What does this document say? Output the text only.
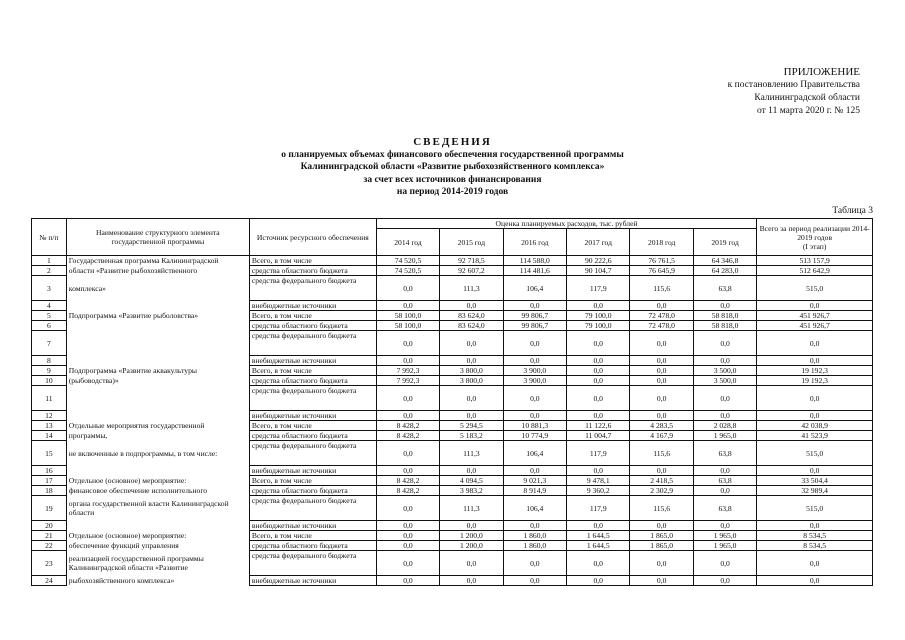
ПРИЛОЖЕНИЕ
к постановлению Правительства
Калининградской области
от 11 марта 2020 г. № 125
СВЕДЕНИЯ
о планируемых объемах финансового обеспечения государственной программы
Калининградской области «Развитие рыбохозяйственного комплекса»
за счет всех источников финансирования
на период 2014-2019 годов
Таблица 3
№ п/п	Наименование структурного элемента государственной программы	Источник ресурсного обеспечения	Оценка планируемых расходов, тыс. рублей						Всего за период реализации 2014-2019 годов
(I этап)

			2014 год	2015 год	2016 год	2017 год	2018 год	2019 год	
1	Государственная программа Калининградской	Всего, в том числе	74 520,5	92 718,5	114 588,0	90 222,6	76 761,5	64 346,8	513 157,9
2	области «Развитие рыбохозяйственного	средства областного бюджета	74 520,5	92 607,2	114 481,6	90 104,7	76 645,9	64 283,0	512 642,9
3	комплекса»	средства федерального бюджета	0,0	111,3	106,4	117,9	115,6	63,8	515,0
4		внебюджетные источники	0,0	0,0	0,0	0,0	0,0	0,0	0,0
5	Подпрограмма «Развитие рыболовства»	Всего, в том числе	58 100,0	83 624,0	99 806,7	79 100,0	72 478,0	58 818,0	451 926,7
6		средства областного бюджета	58 100,0	83 624,0	99 806,7	79 100,0	72 478,0	58 818,0	451 926,7
7		средства федерального бюджета	0,0	0,0	0,0	0,0	0,0	0,0	0,0
8		внебюджетные источники	0,0	0,0	0,0	0,0	0,0	0,0	0,0
9	Подпрограмма «Развитие аквакультуры	Всего, в том числе	7 992,3	3 800,0	3 900,0	0,0	0,0	3 500,0	19 192,3
10	(рыбоводства)»	средства областного бюджета	7 992,3	3 800,0	3 900,0	0,0	0,0	3 500,0	19 192,3
11		средства федерального бюджета	0,0	0,0	0,0	0,0	0,0	0,0	0,0
12		внебюджетные источники	0,0	0,0	0,0	0,0	0,0	0,0	0,0
13	Отдельные мероприятия государственной	Всего, в том числе	8 428,2	5 294,5	10 881,3	11 122,6	4 283,5	2 028,8	42 038,9
14	программы,	средства областного бюджета	8 428,2	5 183,2	10 774,9	11 004,7	4 167,9	1 965,0	41 523,9
15	не включенные в подпрограммы, в том числе:	средства федерального бюджета	0,0	111,3	106,4	117,9	115,6	63,8	515,0
16		внебюджетные источники	0,0	0,0	0,0	0,0	0,0	0,0	0,0
17	Отдельное (основное) мероприятие:	Всего, в том числе	8 428,2	4 094,5	9 021,3	9 478,1	2 418,5	63,8	33 504,4
18	финансовое обеспечение исполнительного	средства областного бюджета	8 428,2	3 983,2	8 914,9	9 360,2	2 302,9	0,0	32 989,4
19	органа государственной власти Калининградской области	средства федерального бюджета	0,0	111,3	106,4	117,9	115,6	63,8	515,0
20		внебюджетные источники	0,0	0,0	0,0	0,0	0,0	0,0	0,0
21	Отдельное (основное) мероприятие:	Всего, в том числе	0,0	1 200,0	1 860,0	1 644,5	1 865,0	1 965,0	8 534,5
22	обеспечение функций управления	средства областного бюджета	0,0	1 200,0	1 860,0	1 644,5	1 865,0	1 965,0	8 534,5
23	реализацией государственной программы Калининградской области «Развитие	средства федерального бюджета	0,0	0,0	0,0	0,0	0,0	0,0	0,0
24	рыбохозяйственного комплекса»	внебюджетные источники	0,0	0,0	0,0	0,0	0,0	0,0	0,0
